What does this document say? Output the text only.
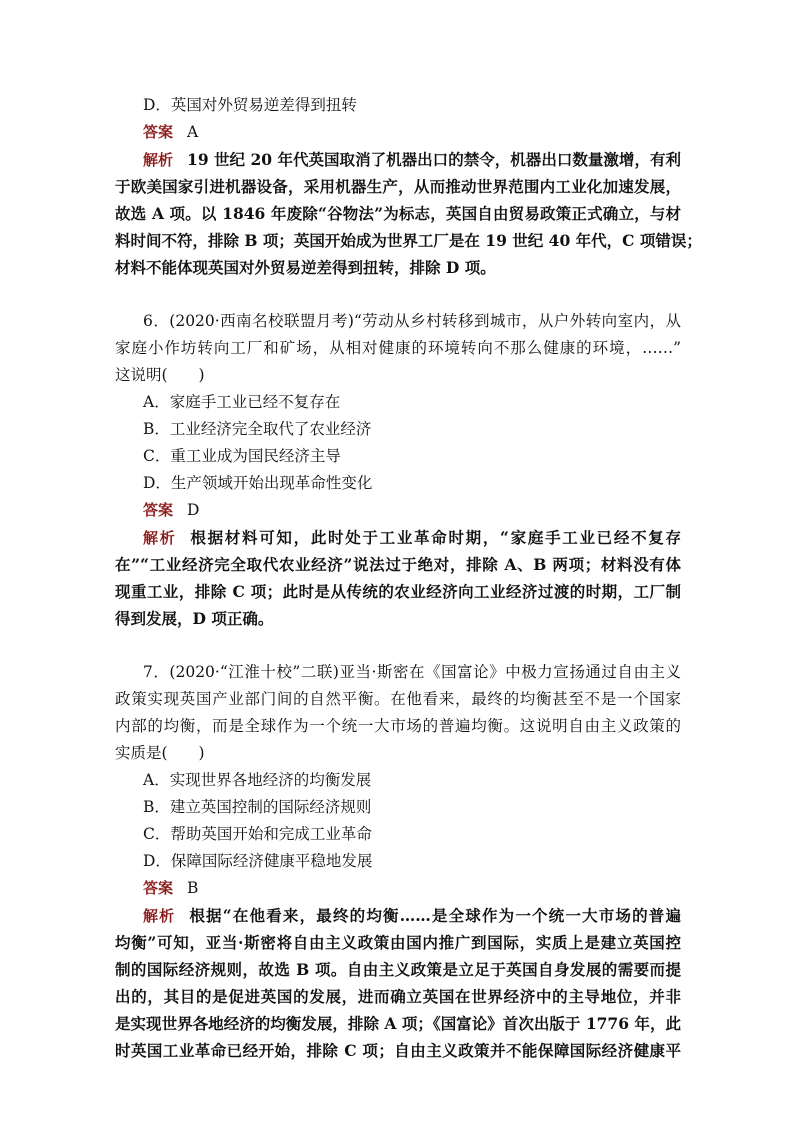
D．英国对外贸易逆差得到扭转
答案 A
解析 19 世纪 20 年代英国取消了机器出口的禁令，机器出口数量激增，有利
于欧美国家引进机器设备，采用机器生产，从而推动世界范围内工业化加速发展，
故选 A 项。以 1846 年废除“谷物法”为标志，英国自由贸易政策正式确立，与材
料时间不符，排除 B 项；英国开始成为世界工厂是在 19 世纪 40 年代，C 项错误；
材料不能体现英国对外贸易逆差得到扭转，排除 D 项。
6．(2020·西南名校联盟月考)“劳动从乡村转移到城市，从户外转向室内，从
家庭小作坊转向工厂和矿场，从相对健康的环境转向不那么健康的环境，……”
这说明(　　)
A．家庭手工业已经不复存在
B．工业经济完全取代了农业经济
C．重工业成为国民经济主导
D．生产领域开始出现革命性变化
答案 D
解析 根据材料可知，此时处于工业革命时期，“家庭手工业已经不复存
在”“工业经济完全取代农业经济”说法过于绝对，排除 A、B 两项；材料没有体
现重工业，排除 C 项；此时是从传统的农业经济向工业经济过渡的时期，工厂制
得到发展，D 项正确。
7．(2020·“江淮十校”二联)亚当·斯密在《国富论》中极力宣扬通过自由主义
政策实现英国产业部门间的自然平衡。在他看来，最终的均衡甚至不是一个国家
内部的均衡，而是全球作为一个统一大市场的普遍均衡。这说明自由主义政策的
实质是(　　)
A．实现世界各地经济的均衡发展
B．建立英国控制的国际经济规则
C．帮助英国开始和完成工业革命
D．保障国际经济健康平稳地发展
答案 B
解析 根据“在他看来，最终的均衡……是全球作为一个统一大市场的普遍
均衡”可知，亚当·斯密将自由主义政策由国内推广到国际，实质上是建立英国控
制的国际经济规则，故选 B 项。自由主义政策是立足于英国自身发展的需要而提
出的，其目的是促进英国的发展，进而确立英国在世界经济中的主导地位，并非
是实现世界各地经济的均衡发展，排除 A 项；《国富论》首次出版于 1776 年，此
时英国工业革命已经开始，排除 C 项；自由主义政策并不能保障国际经济健康平
